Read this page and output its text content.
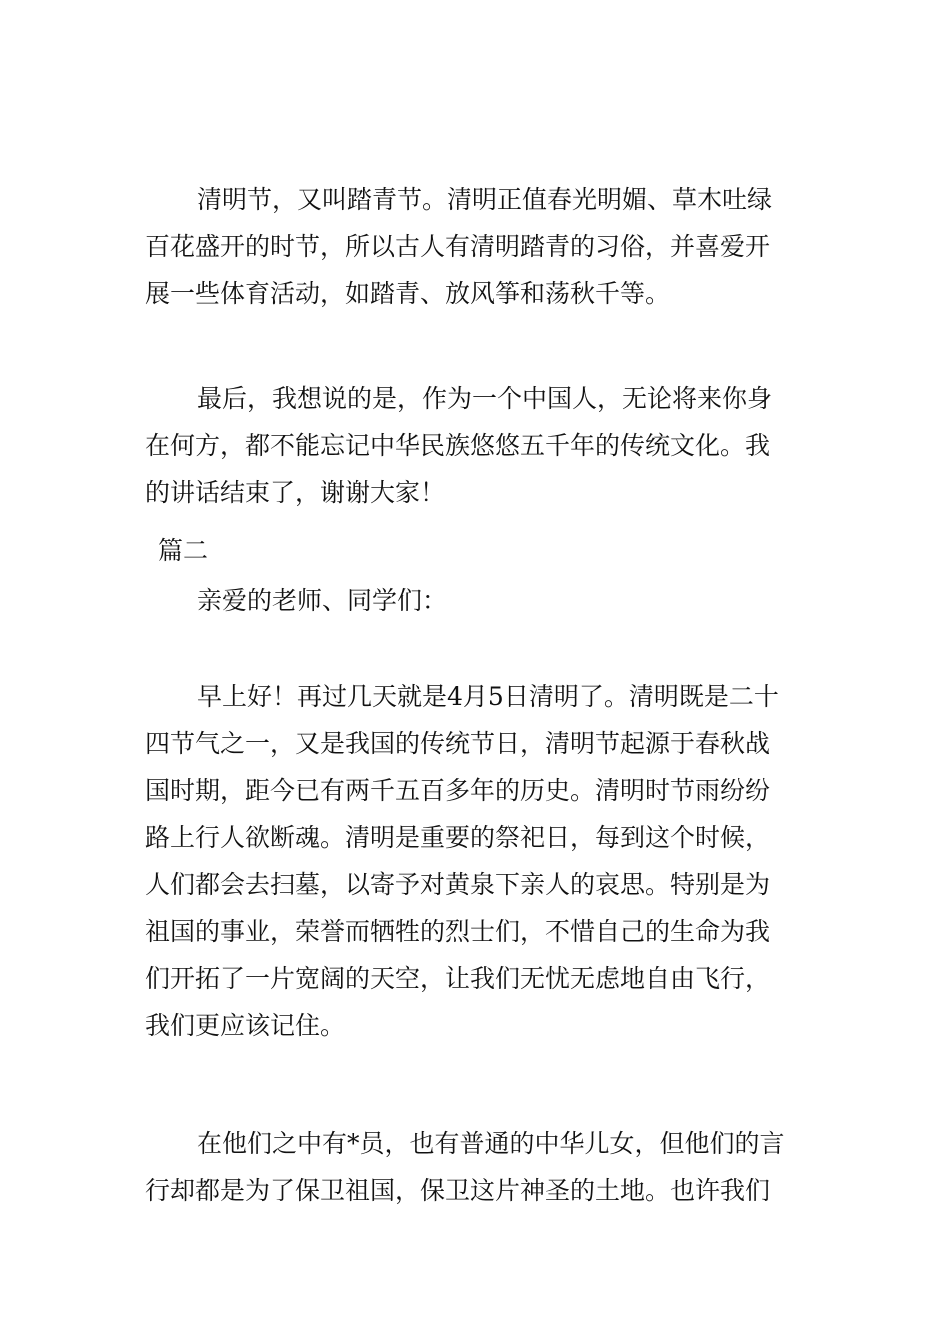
清明节，又叫踏青节。清明正值春光明媚、草木吐绿
百花盛开的时节，所以古人有清明踏青的习俗，并喜爱开
展一些体育活动，如踏青、放风筝和荡秋千等。

最后，我想说的是，作为一个中国人，无论将来你身
在何方，都不能忘记中华民族悠悠五千年的传统文化。我
的讲话结束了，谢谢大家！

篇二

亲爱的老师、同学们：

早上好！再过几天就是4月5日清明了。清明既是二十
四节气之一，又是我国的传统节日，清明节起源于春秋战
国时期，距今已有两千五百多年的历史。清明时节雨纷纷
路上行人欲断魂。清明是重要的祭祀日，每到这个时候，
人们都会去扫墓，以寄予对黄泉下亲人的哀思。特别是为
祖国的事业，荣誉而牺牲的烈士们，不惜自己的生命为我
们开拓了一片宽阔的天空，让我们无忧无虑地自由飞行，
我们更应该记住。

在他们之中有*员，也有普通的中华儿女，但他们的言
行却都是为了保卫祖国，保卫这片神圣的土地。也许我们
